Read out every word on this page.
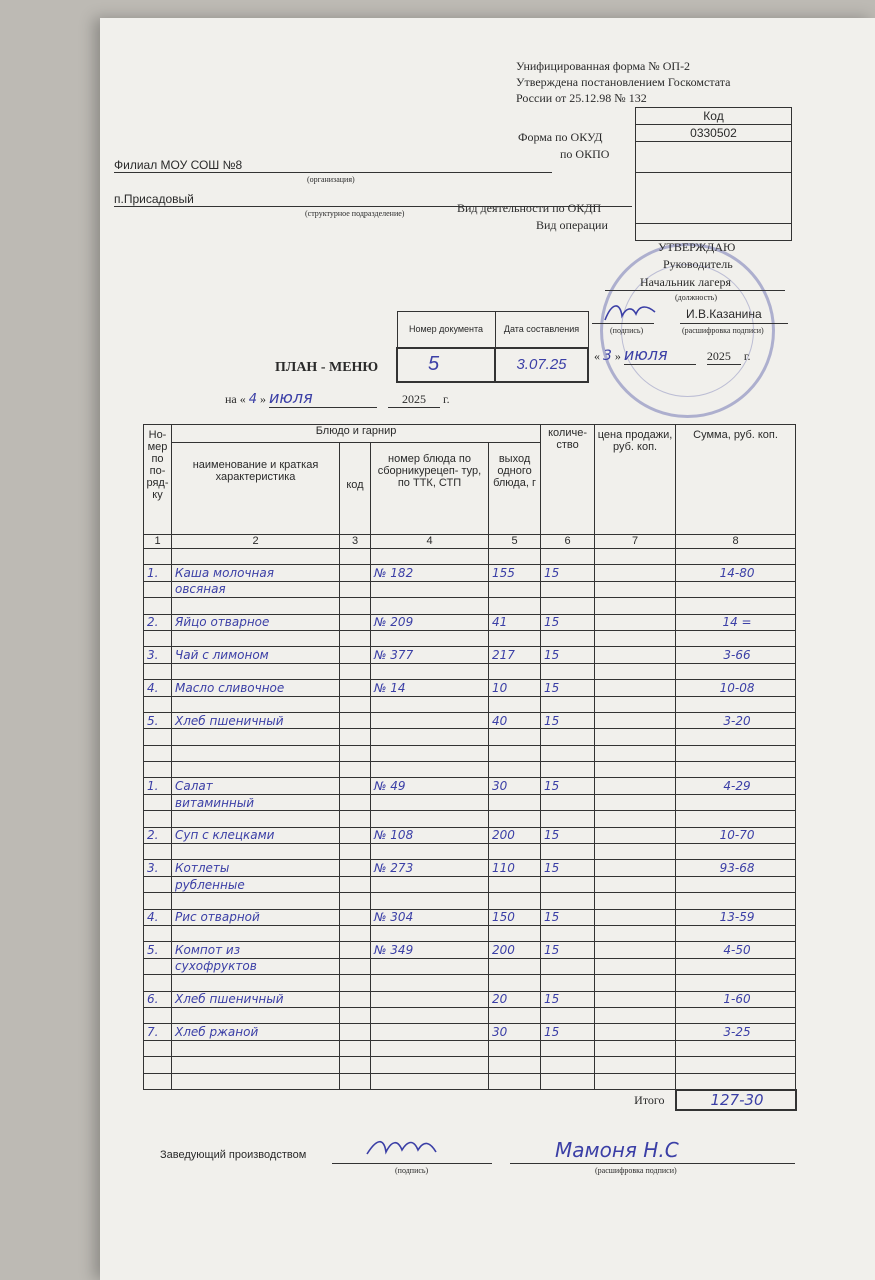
Унифицированная форма № ОП-2
Утверждена постановлением Госкомстата
России от 25.12.98 № 132
Форма по ОКУД
по ОКПО
Вид деятельности по ОКДП
Вид операции
Код
0330502

Филиал МОУ СОШ №8
(организация)
п.Присадовый
(структурное подразделение)
УТВЕРЖДАЮ
Руководитель
Начальник лагеря
(должность)
И.В.Казанина
(подпись)	(расшифровка подписи)
« 3 » июля	2025 г.
Номер документа	Дата составления
5	3.07.25
ПЛАН - МЕНЮ
на « 4 » июля	2025 г.
Но- мер по по- ряд- ку	Блюдо и гарнир				количе- ство	цена продажи, руб. коп.	Сумма, руб. коп.
	наименование и краткая характеристика	код	номер блюда по сборникурецеп- тур, по ТТК, СТП	выход одного блюда, г			
1	2	3	4	5	6	7	8

1.	Каша молочная		№ 182	155	15		14-80
	овсяная						

2.	Яйцо отварное		№ 209	41	15		14 =

3.	Чай с лимоном		№ 377	217	15		3-66

4.	Масло сливочное		№ 14	10	15		10-08

5.	Хлеб пшеничный			40	15		3-20

1.	Салат		№ 49	30	15		4-29
	витаминный						

2.	Суп с клецками		№ 108	200	15		10-70

3.	Котлеты		№ 273	110	15		93-68
	рубленные						

4.	Рис отварной		№ 304	150	15		13-59

5.	Компот из		№ 349	200	15		4-50
	сухофруктов						

6.	Хлеб пшеничный			20	15		1-60

7.	Хлеб ржаной			30	15		3-25

Итого							127-30
Заведующий производством
(подпись)
Мамоня Н.С
(расшифровка подписи)
